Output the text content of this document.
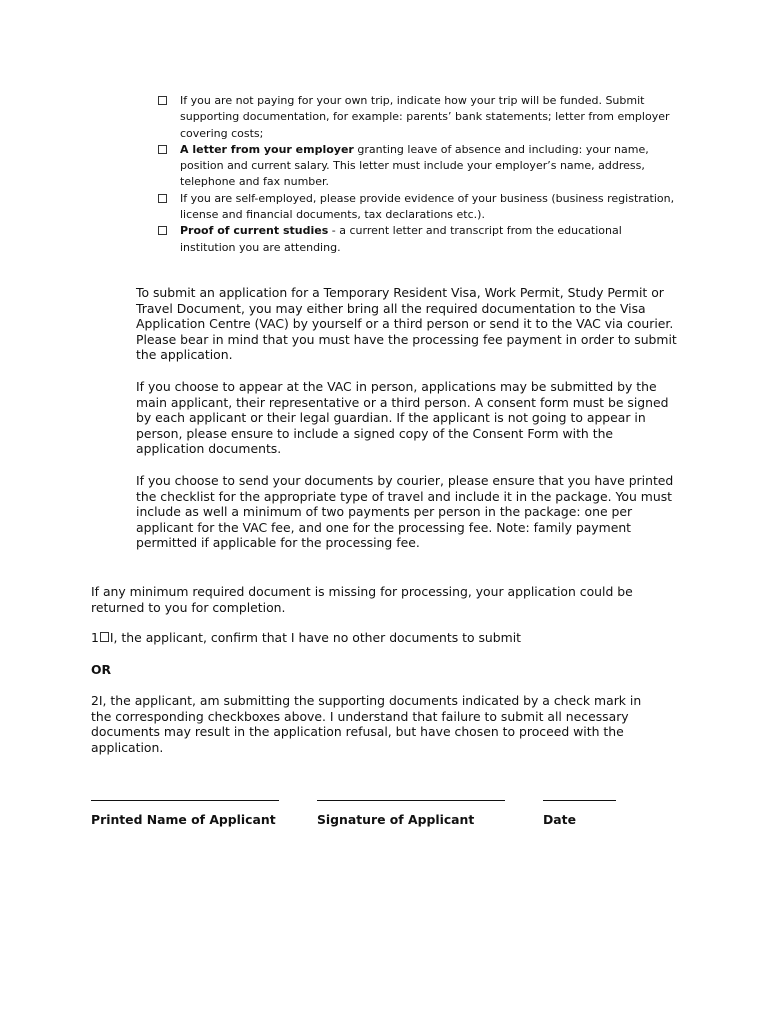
If you are not paying for your own trip, indicate how your trip will be funded. Submit supporting documentation, for example: parents’ bank statements; letter from employer covering costs;
A letter from your employer granting leave of absence and including: your name, position and current salary. This letter must include your employer’s name, address, telephone and fax number.
If you are self-employed, please provide evidence of your business (business registration, license and financial documents, tax declarations etc.).
Proof of current studies - a current letter and transcript from the educational institution you are attending.

To submit an application for a Temporary Resident Visa, Work Permit, Study Permit or Travel Document, you may either bring all the required documentation to the Visa Application Centre (VAC) by yourself or a third person or send it to the VAC via courier. Please bear in mind that you must have the processing fee payment in order to submit the application.

If you choose to appear at the VAC in person, applications may be submitted by the main applicant, their representative or a third person. A consent form must be signed by each applicant or their legal guardian. If the applicant is not going to appear in person, please ensure to include a signed copy of the Consent Form with the application documents.

If you choose to send your documents by courier, please ensure that you have printed the checklist for the appropriate type of travel and include it in the package. You must include as well a minimum of two payments per person in the package: one per applicant for the VAC fee, and one for the processing fee. Note: family payment permitted if applicable for the processing fee.

If any minimum required document is missing for processing, your application could be returned to you for completion.

1 I, the applicant, confirm that I have no other documents to submit
OR

2I, the applicant, am submitting the supporting documents indicated by a check mark in the corresponding checkboxes above. I understand that failure to submit all necessary documents may result in the application refusal, but have chosen to proceed with the application.

Printed Name of Applicant	Signature of Applicant	Date
